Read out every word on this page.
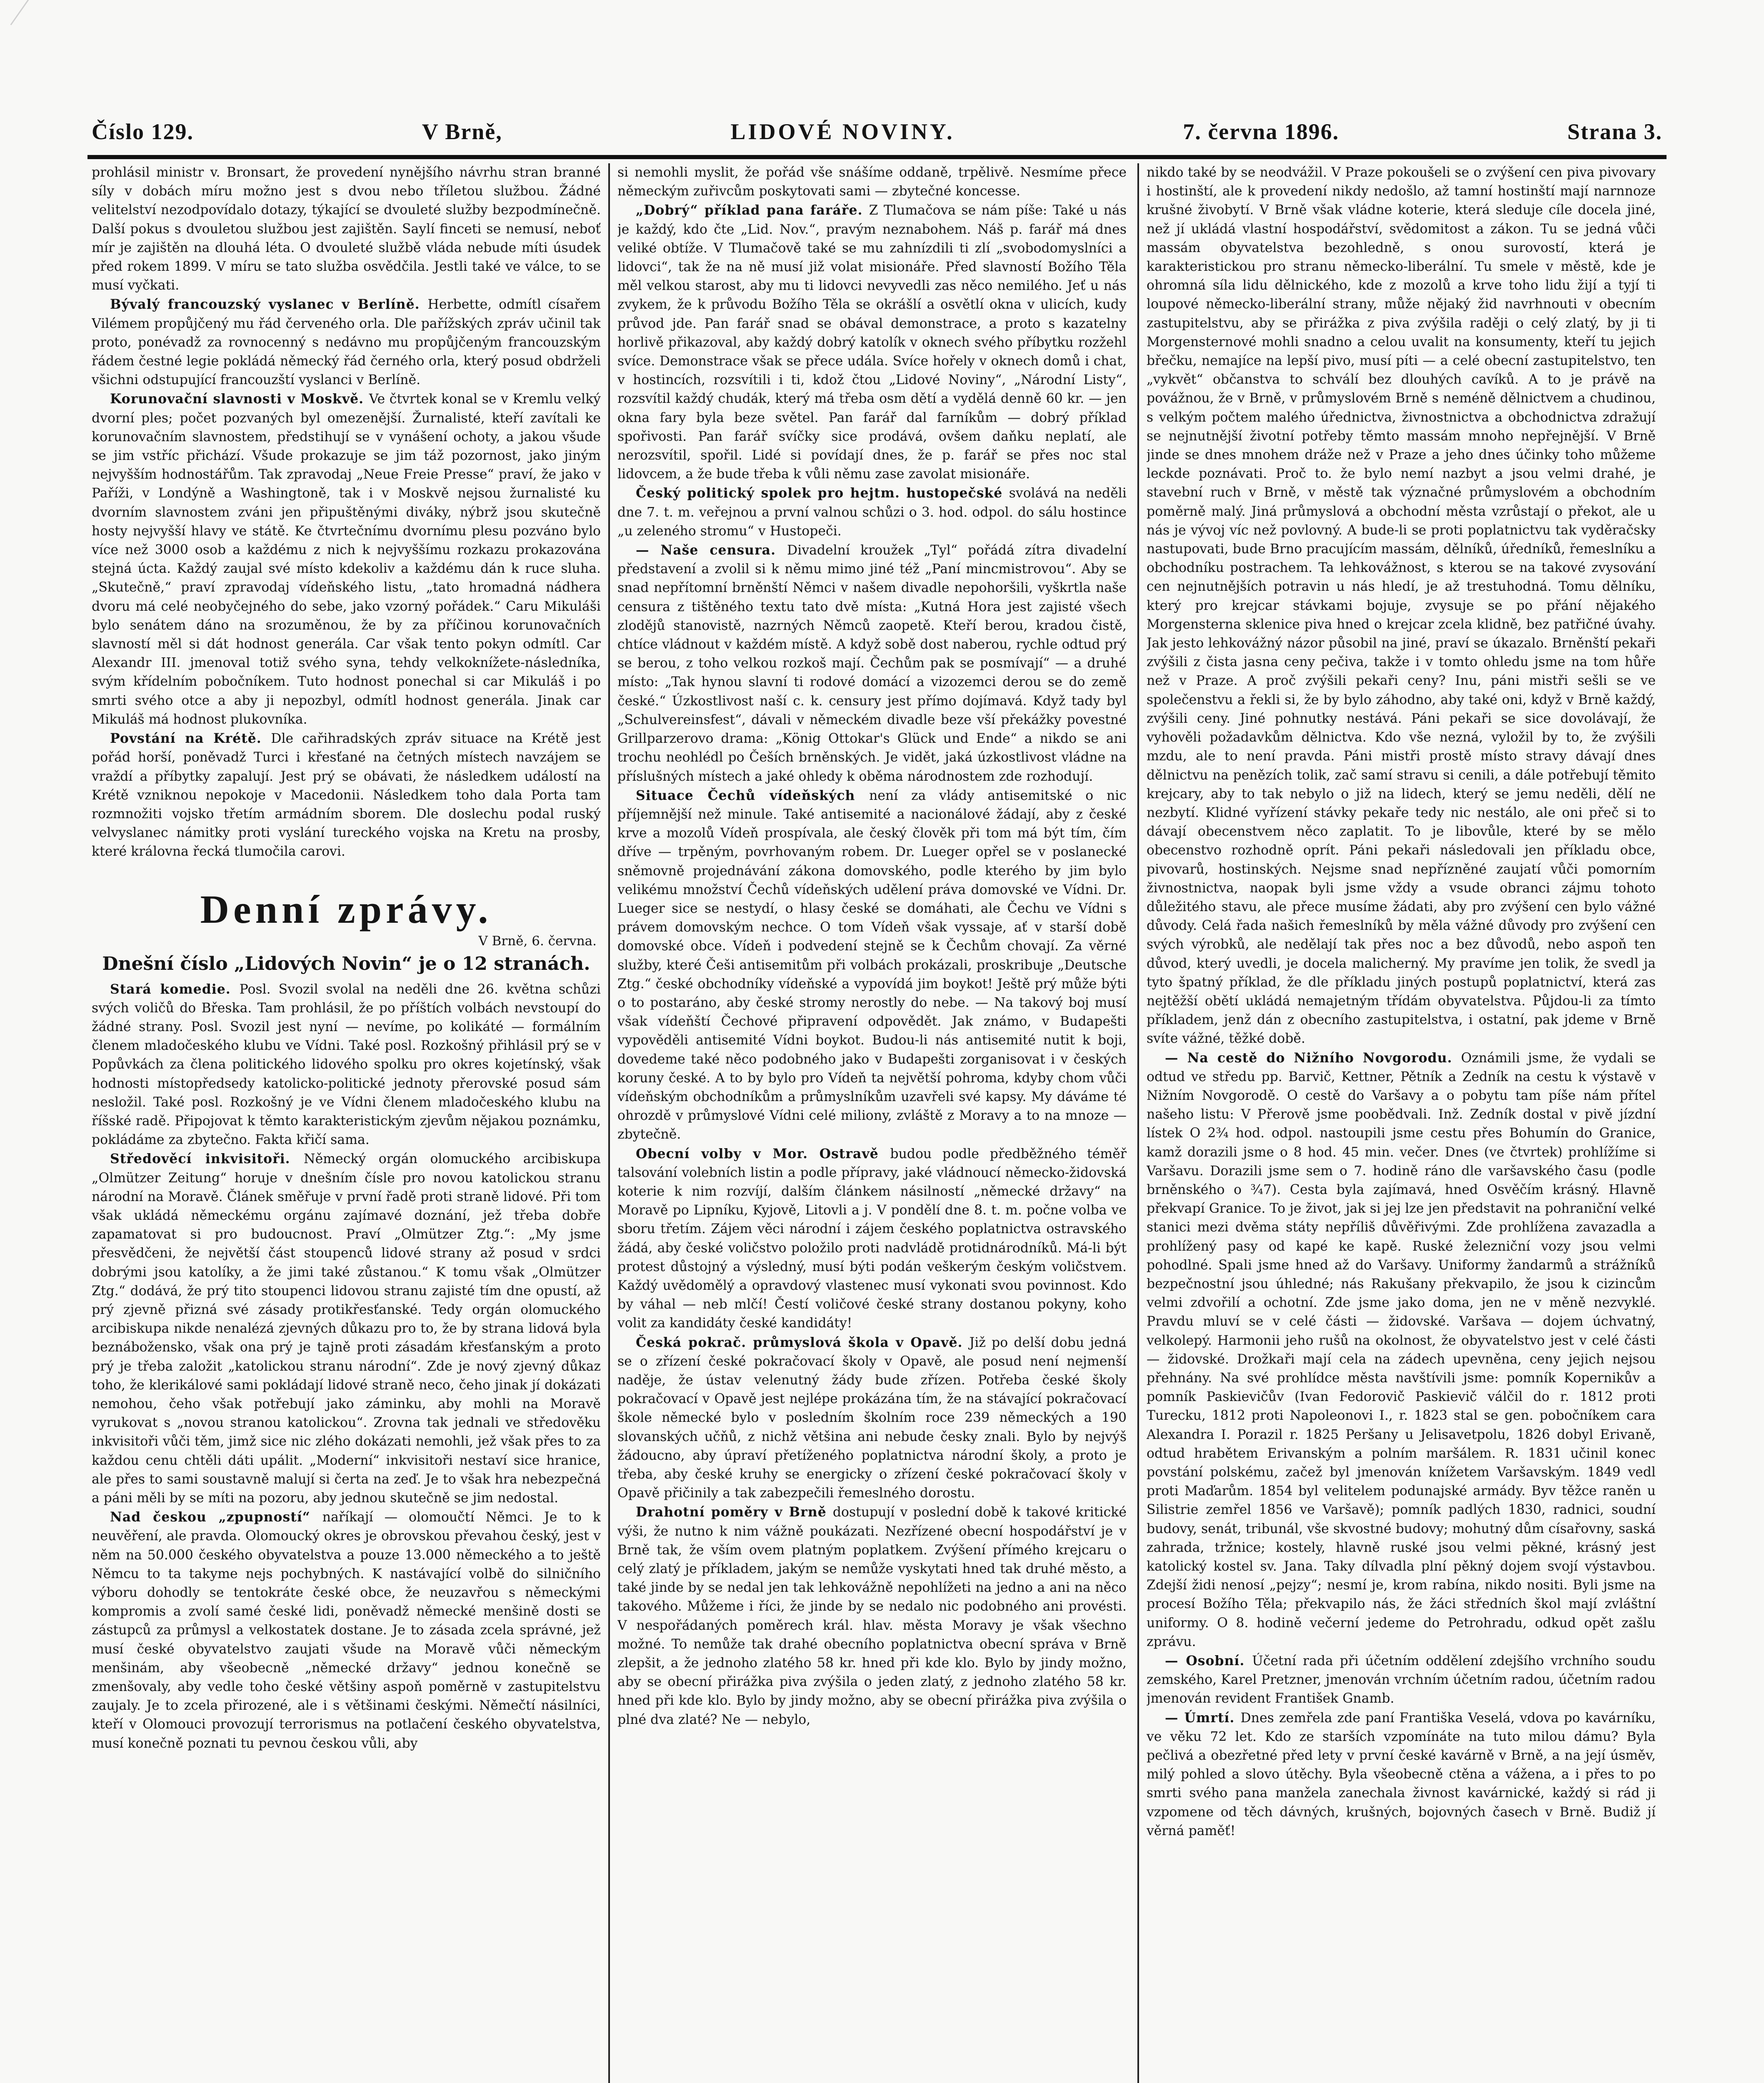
Číslo 129.	V Brně,	LIDOVÉ NOVINY.	7. června 1896.	Strana 3.

prohlásil ministr v. Bronsart, že provedení nynějšího návrhu stran branné síly v dobách míru možno jest s dvou nebo tříletou službou. Žádné velitelství nezodpovídalo dotazy, týkající se dvouleté služby bezpodmínečně. Další pokus s dvouletou službou jest zajištěn. Saylí finceti se nemusí, neboť mír je zajištěn na dlouhá léta. O dvouleté službě vláda nebude míti úsudek před rokem 1899. V míru se tato služba osvědčila. Jestli také ve válce, to se musí vyčkati.

Bývalý francouzský vyslanec v Berlíně. Herbette, odmítl císařem Vilémem propůjčený mu řád červeného orla. Dle pařížských zpráv učinil tak proto, ponévadž za rovnocenný s nedávno mu propůjčeným francouzským řádem čestné legie pokládá německý řád černého orla, který posud obdrželi všichni odstupující francouzští vyslanci v Berlíně.

Korunovační slavnosti v Moskvě. Ve čtvrtek konal se v Kremlu velký dvorní ples; počet pozvaných byl omezenější. Žurnalisté, kteří zavítali ke korunovačním slavnostem, předstihují se v vynášení ochoty, a jakou všude se jim vstříc přichází. Všude prokazuje se jim táž pozornost, jako jiným nejvyšším hodnostářům. Tak zpravodaj „Neue Freie Presse“ praví, že jako v Paříži, v Londýně a Washingtoně, tak i v Moskvě nejsou žurnalisté ku dvorním slavnostem zváni jen připuštěnými diváky, nýbrž jsou skutečně hosty nejvyšší hlavy ve státě. Ke čtvrtečnímu dvornímu plesu pozváno bylo více než 3000 osob a každému z nich k nejvyššímu rozkazu prokazována stejná úcta. Každý zaujal své místo kdekoliv a každému dán k ruce sluha. „Skutečně,“ praví zpravodaj vídeňského listu, „tato hromadná nádhera dvoru má celé neobyčejného do sebe, jako vzorný pořádek.“ Caru Mikuláši bylo senátem dáno na srozuměnou, že by za příčinou korunovačních slavností měl si dát hodnost generála. Car však tento pokyn odmítl. Car Alexandr III. jmenoval totiž svého syna, tehdy velkoknížete-následníka, svým křídelním pobočníkem. Tuto hodnost ponechal si car Mikuláš i po smrti svého otce a aby ji nepozbyl, odmítl hodnost generála. Jinak car Mikuláš má hodnost plukovníka.

Povstání na Krétě. Dle cařihradských zpráv situace na Krétě jest pořád horší, poněvadž Turci i křesťané na četných místech navzájem se vraždí a příbytky zapalují. Jest prý se obávati, že následkem událostí na Krétě vzniknou nepokoje v Macedonii. Následkem toho dala Porta tam rozmnožiti vojsko třetím armádním sborem. Dle doslechu podal ruský velvyslanec námitky proti vyslání tureckého vojska na Kretu na prosby, které královna řecká tlumočila carovi.

Denní zprávy.
V Brně, 6. června.
Dnešní číslo „Lidových Novin“ je o 12 stranách.

Stará komedie. Posl. Svozil svolal na neděli dne 26. května schůzi svých voličů do Břeska. Tam prohlásil, že po příštích volbách nevstoupí do žádné strany. Posl. Svozil jest nyní — nevíme, po kolikáté — formálním členem mladočeského klubu ve Vídni. Také posl. Rozkošný přihlásil prý se v Popůvkách za člena politického lidového spolku pro okres kojetínský, však hodnosti místopředsedy katolicko-politické jednoty přerovské posud sám nesložil. Také posl. Rozkošný je ve Vídni členem mladočeského klubu na říšské radě. Připojovat k těmto karakteristickým zjevům nějakou poznámku, pokládáme za zbytečno. Fakta křičí sama.

Středověcí inkvisitoři. Německý orgán olomuckého arcibiskupa „Olmützer Zeitung“ horuje v dnešním čísle pro novou katolickou stranu národní na Moravě. Článek směřuje v první řadě proti straně lidové. Při tom však ukládá německému orgánu zajímavé doznání, jež třeba dobře zapamatovat si pro budoucnost. Praví „Olmützer Ztg.“: „My jsme přesvědčeni, že největší část stoupenců lidové strany až posud v srdci dobrými jsou katolíky, a že jimi také zůstanou.“ K tomu však „Olmützer Ztg.“ dodává, že prý tito stoupenci lidovou stranu zajisté tím dne opustí, až prý zjevně přizná své zásady protikřesťanské. Tedy orgán olomuckého arcibiskupa nikde nenalézá zjevných důkazu pro to, že by strana lidová byla beznábožensko, však ona prý je tajně proti zásadám křesťanským a proto prý je třeba založit „katolickou stranu národní“. Zde je nový zjevný důkaz toho, že klerikálové sami pokládají lidové straně neco, čeho jinak jí dokázati nemohou, čeho však potřebují jako záminku, aby mohli na Moravě vyrukovat s „novou stranou katolickou“. Zrovna tak jednali ve středověku inkvisitoři vůči těm, jimž sice nic zlého dokázati nemohli, jež však přes to za každou cenu chtěli dáti upálit. „Moderní“ inkvisitoři nestaví sice hranice, ale přes to sami soustavně malují si čerta na zeď. Je to však hra nebezpečná a páni měli by se míti na pozoru, aby jednou skutečně se jim nedostal.

Nad českou „zpupností“ naříkají — olomoučtí Němci. Je to k neuvěření, ale pravda. Olomoucký okres je obrovskou převahou český, jest v něm na 50.000 českého obyvatelstva a pouze 13.000 německého a to ještě Němcu to ta takyme nejs pochybných. K nastávající volbě do silničního výboru dohodly se tentokráte české obce, že neuzavřou s německými kompromis a zvolí samé české lidi, poněvadž německé menšině dosti se zástupců za průmysl a velkostatek dostane. Je to zásada zcela správné, jež musí české obyvatelstvo zaujati všude na Moravě vůči německým menšinám, aby všeobecně „německé državy“ jednou konečně se zmenšovaly, aby vedle toho české většiny aspoň poměrně v zastupitelstvu zaujaly. Je to zcela přirozené, ale i s většinami českými. Němečtí násilníci, kteří v Olomouci provozují terrorismus na potlačení českého obyvatelstva, musí konečně poznati tu pevnou českou vůli, aby

si nemohli myslit, že pořád vše snášíme oddaně, trpělivě. Nesmíme přece německým zuřivcům poskytovati sami — zbytečné koncesse.

„Dobrý“ příklad pana faráře. Z Tlumačova se nám píše: Také u nás je každý, kdo čte „Lid. Nov.“, pravým neznabohem. Náš p. farář má dnes veliké obtíže. V Tlumačově také se mu zahnízdili ti zlí „svobodomyslníci a lidovci“, tak že na ně musí již volat misionáře. Před slavností Božího Těla měl velkou starost, aby mu ti lidovci nevyvedli zas něco nemilého. Jeť u nás zvykem, že k průvodu Božího Těla se okrášlí a osvětlí okna v ulicích, kudy průvod jde. Pan farář snad se obával demonstrace, a proto s kazatelny horlivě přikazoval, aby každý dobrý katolík v oknech svého příbytku rozžehl svíce. Demonstrace však se přece udála. Svíce hořely v oknech domů i chat, v hostincích, rozsvítili i ti, kdož čtou „Lidové Noviny“, „Národní Listy“, rozsvítil každý chudák, který má třeba osm dětí a vydělá denně 60 kr. — jen okna fary byla beze světel. Pan farář dal farníkům — dobrý příklad spořivosti. Pan farář svíčky sice prodává, ovšem daňku neplatí, ale nerozsvítil, spořil. Lidé si povídají dnes, že p. farář se přes noc stal lidovcem, a že bude třeba k vůli němu zase zavolat misionáře.

Český politický spolek pro hejtm. hustopečské svolává na neděli dne 7. t. m. veřejnou a první valnou schůzi o 3. hod. odpol. do sálu hostince „u zeleného stromu“ v Hustopeči.

— Naše censura. Divadelní kroužek „Tyl“ pořádá zítra divadelní představení a zvolil si k němu mimo jiné též „Paní mincmistrovou“. Aby se snad nepřítomní brněnští Němci v našem divadle nepohoršili, vyškrtla naše censura z tištěného textu tato dvě místa: „Kutná Hora jest zajisté všech zlodějů stanovistě, nazrných Němců zaopetě. Kteří berou, kradou čistě, chtíce vládnout v každém místě. A když sobě dost naberou, rychle odtud prý se berou, z toho velkou rozkoš mají. Čechům pak se posmívají“ — a druhé místo: „Tak hynou slavní ti rodové domácí a vizozemci derou se do země české.“ Úzkostlivost naší c. k. censury jest přímo dojímavá. Když tady byl „Schulvereinsfest“, dávali v německém divadle beze vší překážky povestné Grillparzerovo drama: „König Ottokar's Glück und Ende“ a nikdo se ani trochu neohlédl po Češích brněnských. Je vidět, jaká úzkostlivost vládne na příslušných místech a jaké ohledy k oběma národnostem zde rozhodují.

Situace Čechů vídeňských není za vlády antisemitské o nic příjemnější než minule. Také antisemité a nacionálové žádají, aby z české krve a mozolů Vídeň prospívala, ale český člověk při tom má být tím, čím dříve — trpěným, povrhovaným robem. Dr. Lueger opřel se v poslanecké sněmovně projednávání zákona domovského, podle kterého by jim bylo velikému množství Čechů vídeňských udělení práva domovské ve Vídni. Dr. Lueger sice se nestydí, o hlasy české se domáhati, ale Čechu ve Vídni s právem domovským nechce. O tom Vídeň však vyssaje, ať v starší době domovské obce. Vídeň i podvedení stejně se k Čechům chovají. Za věrné služby, které Češi antisemitům při volbách prokázali, proskribuje „Deutsche Ztg.“ české obchodníky vídeňské a vypovídá jim boykot! Ještě prý může býti o to postaráno, aby české stromy nerostly do nebe. — Na takový boj musí však vídeňští Čechové připravení odpovědět. Jak známo, v Budapešti vypověděli antisemité Vídni boykot. Budou-li nás antisemité nutit k boji, dovedeme také něco podobného jako v Budapešti zorganisovat i v českých koruny české. A to by bylo pro Vídeň ta největší pohroma, kdyby chom vůči vídeňským obchodníkům a průmyslníkům uzavřeli své kapsy. My dáváme té ohrozdě v průmyslové Vídni celé miliony, zvláště z Moravy a to na mnoze — zbytečně.

Obecní volby v Mor. Ostravě budou podle předběžného téměř talsování volebních listin a podle přípravy, jaké vládnoucí německo-židovská koterie k nim rozvíjí, dalším článkem násilností „německé državy“ na Moravě po Lipníku, Kyjově, Litovli a j. V pondělí dne 8. t. m. počne volba ve sboru třetím. Zájem věci národní i zájem českého poplatnictva ostravského žádá, aby české voličstvo položilo proti nadvládě protidnárodníků. Má-li být protest důstojný a výsledný, musí býti podán veškerým českým voličstvem. Každý uvědomělý a opravdový vlastenec musí vykonati svou povinnost. Kdo by váhal — neb mlčí! Čestí voličové české strany dostanou pokyny, koho volit za kandidáty české kandidáty!

Česká pokrač. průmyslová škola v Opavě. Již po delší dobu jedná se o zřízení české pokračovací školy v Opavě, ale posud není nejmenší naděje, že ústav velenutný žády bude zřízen. Potřeba české školy pokračovací v Opavě jest nejlépe prokázána tím, že na stávající pokračovací škole německé bylo v posledním školním roce 239 německých a 190 slovanských učňů, z nichž většina ani nebude česky znali. Bylo by nejvýš žádoucno, aby úpraví přetíženého poplatnictva národní školy, a proto je třeba, aby české kruhy se energicky o zřízení české pokračovací školy v Opavě přičinily a tak zabezpečili řemeslného dorostu.

Drahotní poměry v Brně dostupují v poslední době k takové kritické výši, že nutno k nim vážně poukázati. Nezřízené obecní hospodářství je v Brně tak, že vším ovem platným poplatkem. Zvýšení přímého krejcaru o celý zlatý je příkladem, jakým se nemůže vyskytati hned tak druhé město, a také jinde by se nedal jen tak lehkovážně nepohlížeti na jedno a ani na něco takového. Můžeme i říci, že jinde by se nedalo nic podobného ani provésti. V nespořádaných poměrech král. hlav. města Moravy je však všechno možné. To nemůže tak drahé obecního poplatnictva obecní správa v Brně zlepšit, a že jednoho zlatého 58 kr. hned při kde klo. Bylo by jindy možno, aby se obecní přirážka piva zvýšila o jeden zlatý, z jednoho zlatého 58 kr. hned při kde klo. Bylo by jindy možno, aby se obecní přirážka piva zvýšila o plné dva zlaté? Ne — nebylo,

nikdo také by se neodvážil. V Praze pokoušeli se o zvýšení cen piva pivovary i hostinští, ale k provedení nikdy nedošlo, až tamní hostinští mají narnnoze krušné živobytí. V Brně však vládne koterie, která sleduje cíle docela jiné, než jí ukládá vlastní hospodářství, svědomitost a zákon. Tu se jedná vůči massám obyvatelstva bezohledně, s onou surovostí, která je karakteristickou pro stranu německo-liberální. Tu smele v městě, kde je ohromná síla lidu dělnického, kde z mozolů a krve toho lidu žijí a tyjí ti loupové německo-liberální strany, může nějaký žid navrhnouti v obecním zastupitelstvu, aby se přirážka z piva zvýšila raději o celý zlatý, by ji ti Morgensternové mohli snadno a celou uvalit na konsumenty, kteří tu jejich břečku, nemajíce na lepší pivo, musí píti — a celé obecní zastupitelstvo, ten „vykvět“ občanstva to schválí bez dlouhých cavíků. A to je právě na povážnou, že v Brně, v průmyslovém Brně s neméně dělnictvem a chudinou, s velkým počtem malého úřednictva, živnostnictva a obchodnictva zdražují se nejnutnější životní potřeby těmto massám mnoho nepřejnější. V Brně jinde se dnes mnohem dráže než v Praze a jeho dnes účinky toho můžeme leckde poznávati. Proč to. že bylo nemí nazbyt a jsou velmi drahé, je stavební ruch v Brně, v městě tak význačné průmyslovém a obchodním poměrně malý. Jiná průmyslová a obchodní města vzrůstají o překot, ale u nás je vývoj víc než povlovný. A bude-li se proti poplatnictvu tak vyděračsky nastupovati, bude Brno pracujícím massám, dělníků, úředníků, řemeslníku a obchodníku postrachem. Ta lehkovážnost, s kterou se na takové zvysování cen nejnutnějších potravin u nás hledí, je až trestuhodná. Tomu dělníku, který pro krejcar stávkami bojuje, zvysuje se po přání nějakého Morgensterna sklenice piva hned o krejcar zcela klidně, bez patřičné úvahy. Jak jesto lehkovážný názor působil na jiné, praví se úkazalo. Brněnští pekaři zvýšili z čista jasna ceny pečiva, takže i v tomto ohledu jsme na tom hůře než v Praze. A proč zvýšili pekaři ceny? Inu, páni mistři sešli se ve společenstvu a řekli si, že by bylo záhodno, aby také oni, když v Brně každý, zvýšili ceny. Jiné pohnutky nestává. Páni pekaři se sice dovolávají, že vyhověli požadavkům dělnictva. Kdo vše nezná, vyložil by to, že zvýšili mzdu, ale to není pravda. Páni mistři prostě místo stravy dávají dnes dělnictvu na penězích tolik, zač samí stravu si cenili, a dále potřebují těmito krejcary, aby to tak nebylo o již na lidech, který se jemu neděli, dělí ne nezbytí. Klidné vyřízení stávky pekaře tedy nic nestálo, ale oni přeč si to dávají obecenstvem něco zaplatit. To je libovůle, které by se mělo obecenstvo rozhodně oprít. Páni pekaři následovali jen příkladu obce, pivovarů, hostinských. Nejsme snad nepřízněné zaujatí vůči pomorním živnostnictva, naopak byli jsme vždy a vsude obranci zájmu tohoto důležitého stavu, ale přece musíme žádati, aby pro zvýšení cen bylo vážné důvody. Celá řada našich řemeslníků by měla vážné důvody pro zvýšení cen svých výrobků, ale nedělají tak přes noc a bez důvodů, nebo aspoň ten důvod, který uvedli, je docela malicherný. My pravíme jen tolik, že svedl ja tyto špatný příklad, že dle příkladu jiných postupů poplatnictví, která zas nejtěžší obětí ukládá nemajetným třídám obyvatelstva. Půjdou-li za tímto příkladem, jenž dán z obecního zastupitelstva, i ostatní, pak jdeme v Brně svíte vážné, těžké době.

— Na cestě do Nižního Novgorodu. Oznámili jsme, že vydali se odtud ve středu pp. Barvič, Kettner, Pětník a Zedník na cestu k výstavě v Nižním Novgorodě. O cestě do Varšavy a o pobytu tam píše nám přítel našeho listu: V Přerově jsme poobědvali. Inž. Zedník dostal v pivě jízdní lístek O 2¾ hod. odpol. nastoupili jsme cestu přes Bohumín do Granice, kamž dorazili jsme o 8 hod. 45 min. večer. Dnes (ve čtvrtek) prohlížíme si Varšavu. Dorazili jsme sem o 7. hodině ráno dle varšavského času (podle brněnského o ¾7). Cesta byla zajímavá, hned Osvěčím krásný. Hlavně překvapí Granice. To je život, jak si jej lze jen představit na pohraniční velké stanici mezi dvěma státy nepříliš důvěřivými. Zde prohlížena zavazadla a prohlížený pasy od kapé ke kapě. Ruské železniční vozy jsou velmi pohodlné. Spali jsme hned až do Varšavy. Uniformy žandarmů a strážníků bezpečnostní jsou úhledné; nás Rakušany překvapilo, že jsou k cizincům velmi zdvořilí a ochotní. Zde jsme jako doma, jen ne v měně nezvyklé. Pravdu mluví se v celé části — židovské. Varšava — dojem úchvatný, velkolepý. Harmonii jeho rušů na okolnost, že obyvatelstvo jest v celé části — židovské. Drožkaři mají cela na zádech upevněna, ceny jejich nejsou přehnány. Na své prohlídce města navštívili jsme: pomník Kopernikův a pomník Paskievičův (Ivan Fedorovič Paskievič válčil do r. 1812 proti Turecku, 1812 proti Napoleonovi I., r. 1823 stal se gen. pobočníkem cara Alexandra I. Porazil r. 1825 Peršany u Jelisavetpolu, 1826 dobyl Erivaně, odtud hrabětem Erivanským a polním maršálem. R. 1831 učinil konec povstání polskému, začež byl jmenován knížetem Varšavským. 1849 vedl proti Maďarům. 1854 byl velitelem podunajské armády. Byv těžce raněn u Silistrie zemřel 1856 ve Varšavě); pomník padlých 1830, radnici, soudní budovy, senát, tribunál, vše skvostné budovy; mohutný dům císařovny, saská zahrada, tržnice; kostely, hlavně ruské jsou velmi pěkné, krásný jest katolický kostel sv. Jana. Taky dílvadla plní pěkný dojem svojí výstavbou. Zdejší židi nenosí „pejzy“; nesmí je, krom rabína, nikdo nositi. Byli jsme na procesí Božího Těla; překvapilo nás, že žáci středních škol mají zvláštní uniformy. O 8. hodině večerní jedeme do Petrohradu, odkud opět zašlu zprávu.

— Osobní. Účetní rada při účetním oddělení zdejšího vrchního soudu zemského, Karel Pretzner, jmenován vrchním účetním radou, účetním radou jmenován revident František Gnamb.

— Úmrtí. Dnes zemřela zde paní Františka Veselá, vdova po kavárníku, ve věku 72 let. Kdo ze starších vzpomínáte na tuto milou dámu? Byla pečlivá a obezřetné před lety v první české kavárně v Brně, a na její úsměv, milý pohled a slovo útěchy. Byla všeobecně ctěna a vážena, a i přes to po smrti svého pana manžela zanechala živnost kavárnické, každý si rád ji vzpomene od těch dávných, krušných, bojovných časech v Brně. Budiž jí věrná paměť!
